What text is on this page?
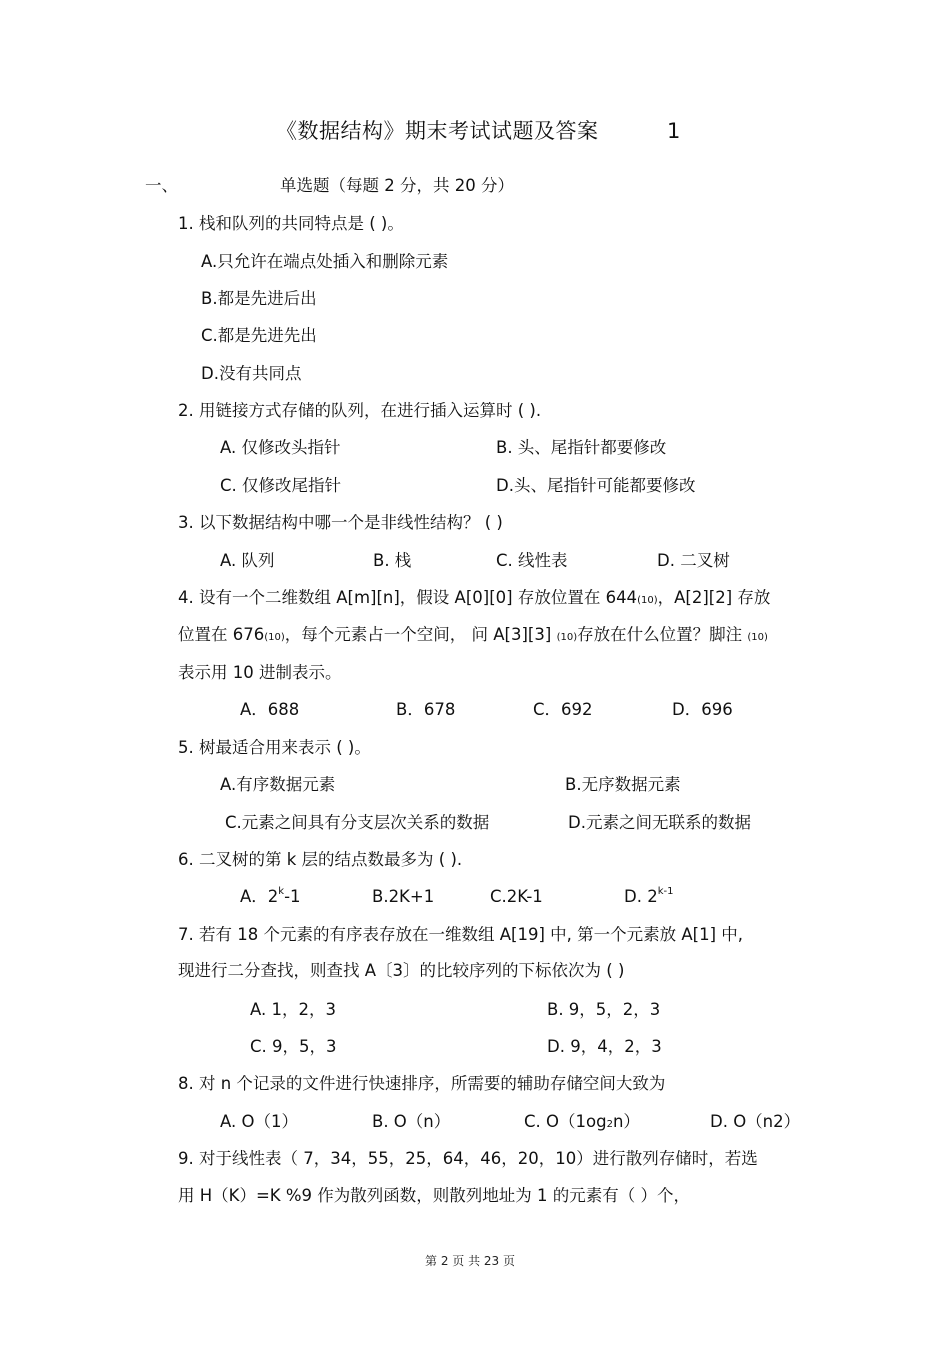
《数据结构》期末考试试题及答案	1
一、	单选题（每题 2 分，共 20 分）
1. 栈和队列的共同特点是 ( )。
A.只允许在端点处插入和删除元素
B.都是先进后出
C.都是先进先出
D.没有共同点
2. 用链接方式存储的队列，在进行插入运算时 ( ).
A. 仅修改头指针	B. 头、尾指针都要修改
C. 仅修改尾指针	D.头、尾指针可能都要修改
3. 以下数据结构中哪一个是非线性结构？ ( )
A. 队列	B. 栈	C. 线性表	D. 二叉树
4. 设有一个二维数组 A[m][n]，假设 A[0][0] 存放位置在 644(10)，A[2][2] 存放
位置在 676(10)，每个元素占一个空间， 问 A[3][3] (10)存放在什么位置？脚注 (10)
表示用 10 进制表示。
A．688	B．678	C．692	D．696
5. 树最适合用来表示 ( )。
A.有序数据元素	B.无序数据元素
C.元素之间具有分支层次关系的数据	D.元素之间无联系的数据
6. 二叉树的第 k 层的结点数最多为 ( ).
A．2$^k$-1	B.2K+1	C.2K-1	D. 2$^{k-1}$
7. 若有 18 个元素的有序表存放在一维数组 A[19] 中, 第一个元素放 A[1] 中,
现进行二分查找，则查找 A〔3〕的比较序列的下标依次为 ( )
A. 1，2，3	B. 9，5，2，3
C. 9，5，3	D. 9，4，2，3
8. 对 n 个记录的文件进行快速排序，所需要的辅助存储空间大致为
A. O（1）	B. O（n）	C. O（1og2n）	D. O（n2）
9. 对于线性表（ 7，34，55，25，64，46，20，10）进行散列存储时，若选
用 H（K）=K %9 作为散列函数，则散列地址为 1 的元素有（ ）个，
第 2 页 共 23 页
